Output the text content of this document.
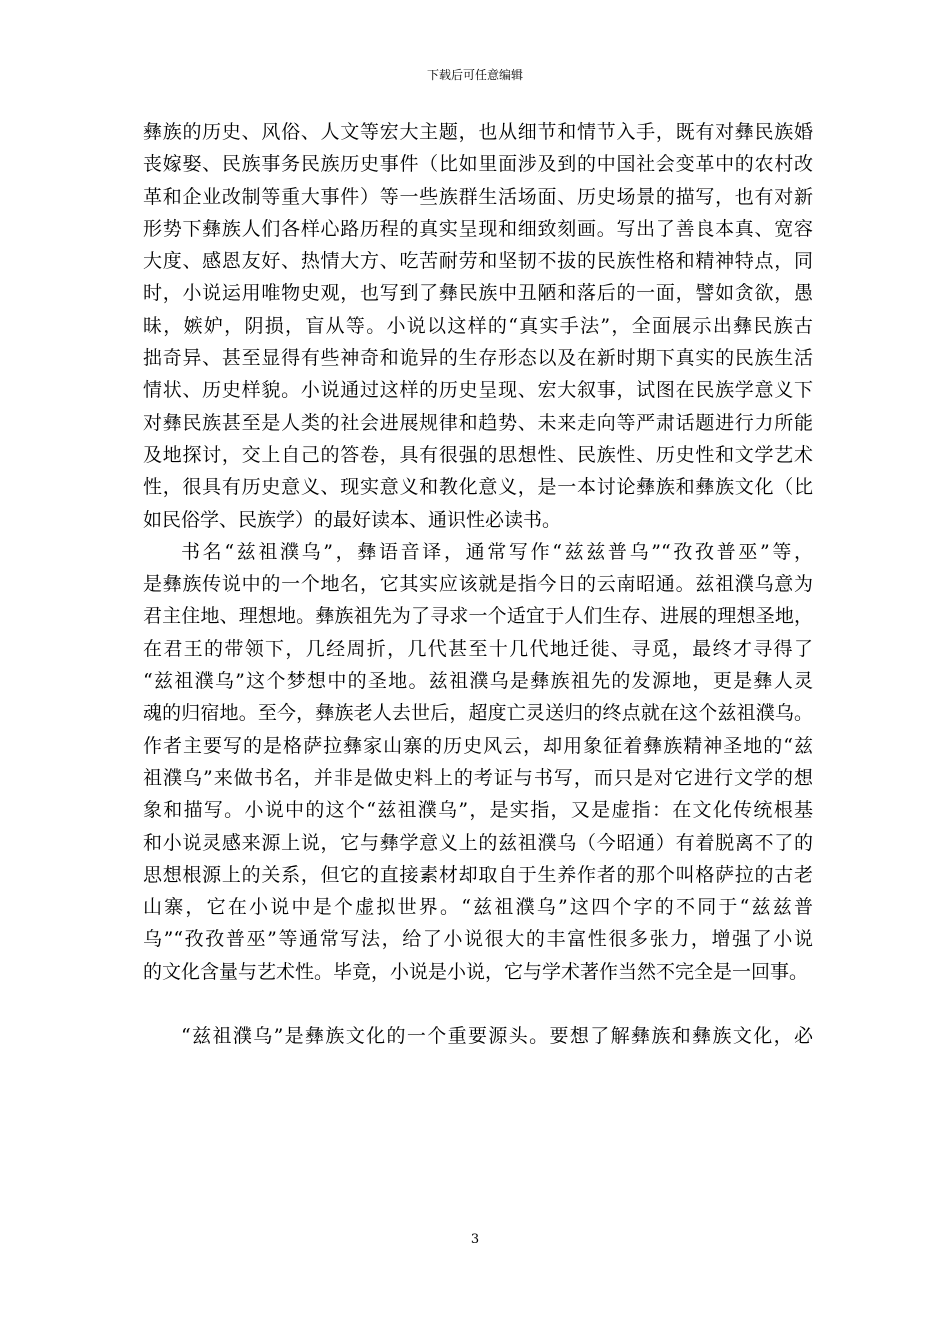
下载后可任意编辑
彝族的历史、风俗、人文等宏大主题，也从细节和情节入手，既有对彝民族婚
丧嫁娶、民族事务民族历史事件（比如里面涉及到的中国社会变革中的农村改
革和企业改制等重大事件）等一些族群生活场面、历史场景的描写，也有对新
形势下彝族人们各样心路历程的真实呈现和细致刻画。写出了善良本真、宽容
大度、感恩友好、热情大方、吃苦耐劳和坚韧不拔的民族性格和精神特点，同
时，小说运用唯物史观，也写到了彝民族中丑陋和落后的一面，譬如贪欲，愚
昧，嫉妒，阴损，盲从等。小说以这样的“真实手法”，全面展示出彝民族古
拙奇异、甚至显得有些神奇和诡异的生存形态以及在新时期下真实的民族生活
情状、历史样貌。小说通过这样的历史呈现、宏大叙事，试图在民族学意义下
对彝民族甚至是人类的社会进展规律和趋势、未来走向等严肃话题进行力所能
及地探讨，交上自己的答卷，具有很强的思想性、民族性、历史性和文学艺术
性，很具有历史意义、现实意义和教化意义，是一本讨论彝族和彝族文化（比
如民俗学、民族学）的最好读本、通识性必读书。
书名“兹祖濮乌”，彝语音译，通常写作“兹兹普乌”“孜孜普巫”等，
是彝族传说中的一个地名，它其实应该就是指今日的云南昭通。兹祖濮乌意为
君主住地、理想地。彝族祖先为了寻求一个适宜于人们生存、进展的理想圣地，
在君王的带领下，几经周折，几代甚至十几代地迁徙、寻觅，最终才寻得了
“兹祖濮乌”这个梦想中的圣地。兹祖濮乌是彝族祖先的发源地，更是彝人灵
魂的归宿地。至今，彝族老人去世后，超度亡灵送归的终点就在这个兹祖濮乌。
作者主要写的是格萨拉彝家山寨的历史风云，却用象征着彝族精神圣地的“兹
祖濮乌”来做书名，并非是做史料上的考证与书写，而只是对它进行文学的想
象和描写。小说中的这个“兹祖濮乌”，是实指，又是虚指：在文化传统根基
和小说灵感来源上说，它与彝学意义上的兹祖濮乌（今昭通）有着脱离不了的
思想根源上的关系，但它的直接素材却取自于生养作者的那个叫格萨拉的古老
山寨，它在小说中是个虚拟世界。“兹祖濮乌”这四个字的不同于“兹兹普
乌”“孜孜普巫”等通常写法，给了小说很大的丰富性很多张力，增强了小说
的文化含量与艺术性。毕竟，小说是小说，它与学术著作当然不完全是一回事。
“兹祖濮乌”是彝族文化的一个重要源头。要想了解彝族和彝族文化，必
3
